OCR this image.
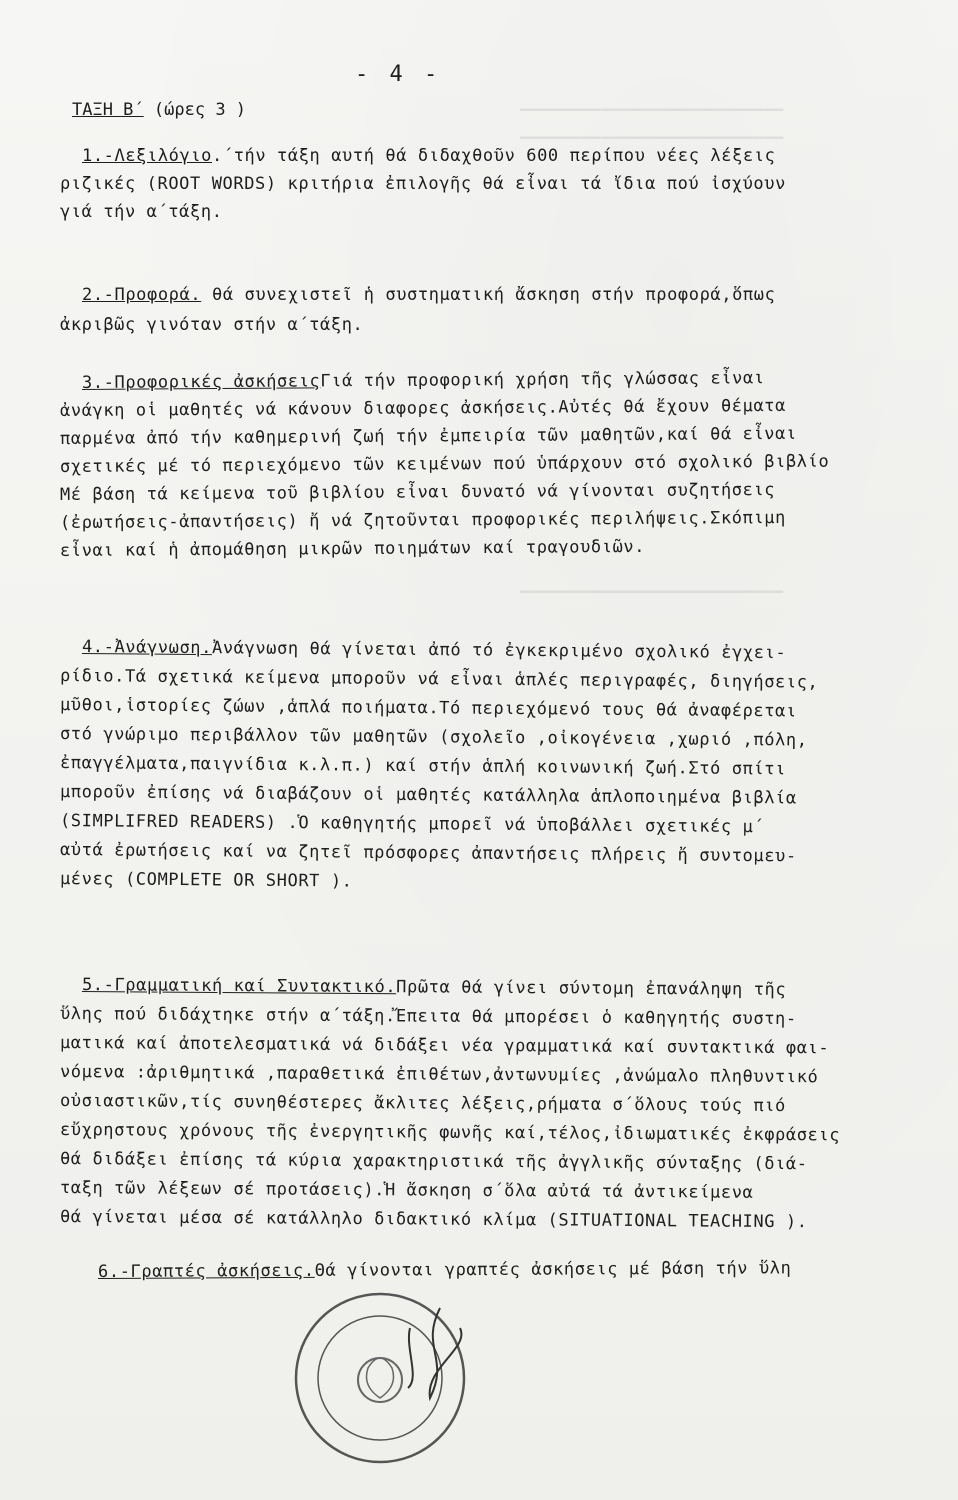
▁▁▁▁▁▁▁▁▁▁▁▁▁▁▁▁▁▁▁▁▁▁▁▁▁▁
▁▁▁▁▁▁▁▁▁▁▁▁▁▁▁▁▁▁▁▁▁▁▁▁▁▁
▁▁▁▁▁▁▁▁▁▁▁▁▁▁▁▁▁▁▁▁▁▁▁▁▁▁
- 4 -
ΤΑΞΗ Β΄ (ώρες 3 )
1.-Λεξιλόγιο.΄τήν τάξη αυτή θά διδαχθοῦν 600 περίπου νέες λέξεις
ριζικές (ROOT WORDS) κριτήρια ἐπιλογῆς θά εἶναι τά ἴδια πού ἰσχύουν
γιά τήν α΄τάξη.
2.-Προφορά. θά συνεχιστεῖ ἡ συστηματική ἄσκηση στήν προφορά,ὅπως
ἀκριβῶς γινόταν στήν α΄τάξη.
3.-Προφορικές ἀσκήσειςΓιά τήν προφορική χρήση τῆς γλώσσας εἶναι
ἀνάγκη οἱ μαθητές νά κάνουν διαφορες ἀσκήσεις.Αὐτές θά ἔχουν θέματα
παρμένα ἀπό τήν καθημερινή ζωή τήν ἐμπειρία τῶν μαθητῶν,καί θά εἶναι
σχετικές μέ τό περιεχόμενο τῶν κειμένων πού ὑπάρχουν στό σχολικό βιβλίο
Μέ βάση τά κείμενα τοῦ βιβλίου εἶναι δυνατό νά γίνονται συζητήσεις
(ἐρωτήσεις-ἀπαντήσεις) ἤ νά ζητοῦνται προφορικές περιλήψεις.Σκόπιμη
εἶναι καί ἡ ἀπομάθηση μικρῶν ποιημάτων καί τραγουδιῶν.
4.-Ἀνάγνωση.Ἀνάγνωση θά γίνεται ἀπό τό ἐγκεκριμένο σχολικό ἐγχει-
ρίδιο.Τά σχετικά κείμενα μποροῦν νά εἶναι ἁπλές περιγραφές, διηγήσεις,
μῦθοι,ἱστορίες ζώων ,ἁπλά ποιήματα.Τό περιεχόμενό τους θά ἀναφέρεται
στό γνώριμο περιβάλλον τῶν μαθητῶν (σχολεῖο ,οἰκογένεια ,χωριό ,πόλη,
ἐπαγγέλματα,παιγνίδια κ.λ.π.) καί στήν ἁπλή κοινωνική ζωή.Στό σπίτι
μποροῦν ἐπίσης νά διαβάζουν οἱ μαθητές κατάλληλα ἁπλοποιημένα βιβλία
(SIMPLIFRED READERS) .Ὁ καθηγητής μπορεῖ νά ὑποβάλλει σχετικές μ΄
αὐτά ἐρωτήσεις καί να ζητεῖ πρόσφορες ἀπαντήσεις πλήρεις ἤ συντομευ-
μένες (COMPLETE OR SHORT ).
5.-Γραμματική καί Συντακτικό.Πρῶτα θά γίνει σύντομη ἐπανάληψη τῆς
ὕλης πού διδάχτηκε στήν α΄τάξη.Ἔπειτα θά μπορέσει ὁ καθηγητής συστη-
ματικά καί ἀποτελεσματικά νά διδάξει νέα γραμματικά καί συντακτικά φαι-
νόμενα :ἀριθμητικά ,παραθετικά ἐπιθέτων,ἀντωνυμίες ,ἀνώμαλο πληθυντικό
οὐσιαστικῶν,τίς συνηθέστερες ἄκλιτες λέξεις,ρήματα σ΄ὅλους τούς πιό
εὔχρηστους χρόνους τῆς ἐνεργητικῆς φωνῆς καί,τέλος,ἰδιωματικές ἐκφράσεις
θά διδάξει ἐπίσης τά κύρια χαρακτηριστικά τῆς ἀγγλικῆς σύνταξης (διά-
ταξη τῶν λέξεων σέ προτάσεις).Ἡ ἄσκηση σ΄ὅλα αὐτά τά ἀντικείμενα
θά γίνεται μέσα σέ κατάλληλο διδακτικό κλίμα (SITUATIONAL TEACHING ).
6.-Γραπτές ἀσκήσεις.Θά γίνονται γραπτές ἀσκήσεις μέ βάση τήν ὕλη
